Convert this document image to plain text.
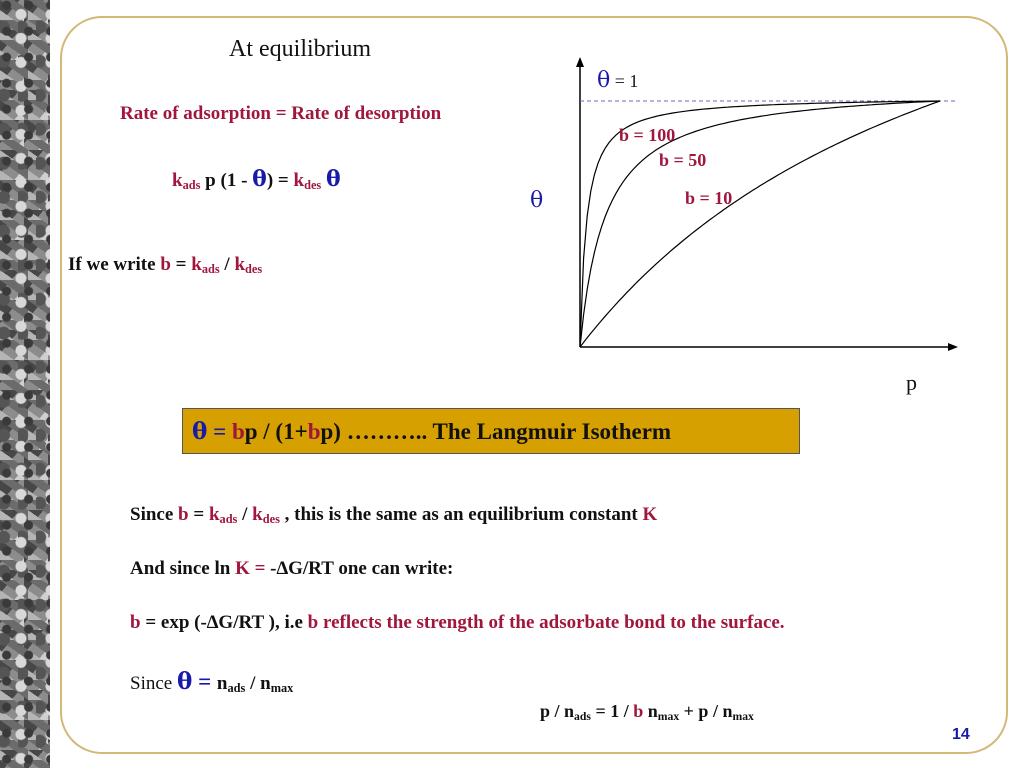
At equilibrium
Rate of adsorption = Rate of desorption
$k_{ads}$ p $(1 - \theta) = k_{des}$ θ
If we write $b = k_{ads} / k_{des}$
θ = 1
θ
p
b = 100
b = 50
b = 10
θ = bp / (1+bp) ……….. The Langmuir Isotherm
Since $b = k_{ads} / k_{des}$ , this is the same as an equilibrium constant K
And since ln K = -∆G/RT one can write:
b = exp (-∆G/RT ), i.e b reflects the strength of the adsorbate bond to the surface.
Since $\theta = n_{ads} / n_{max}$
$p / n_{ads} = 1 / b$ $n_{max} + p / n_{max}$
14
